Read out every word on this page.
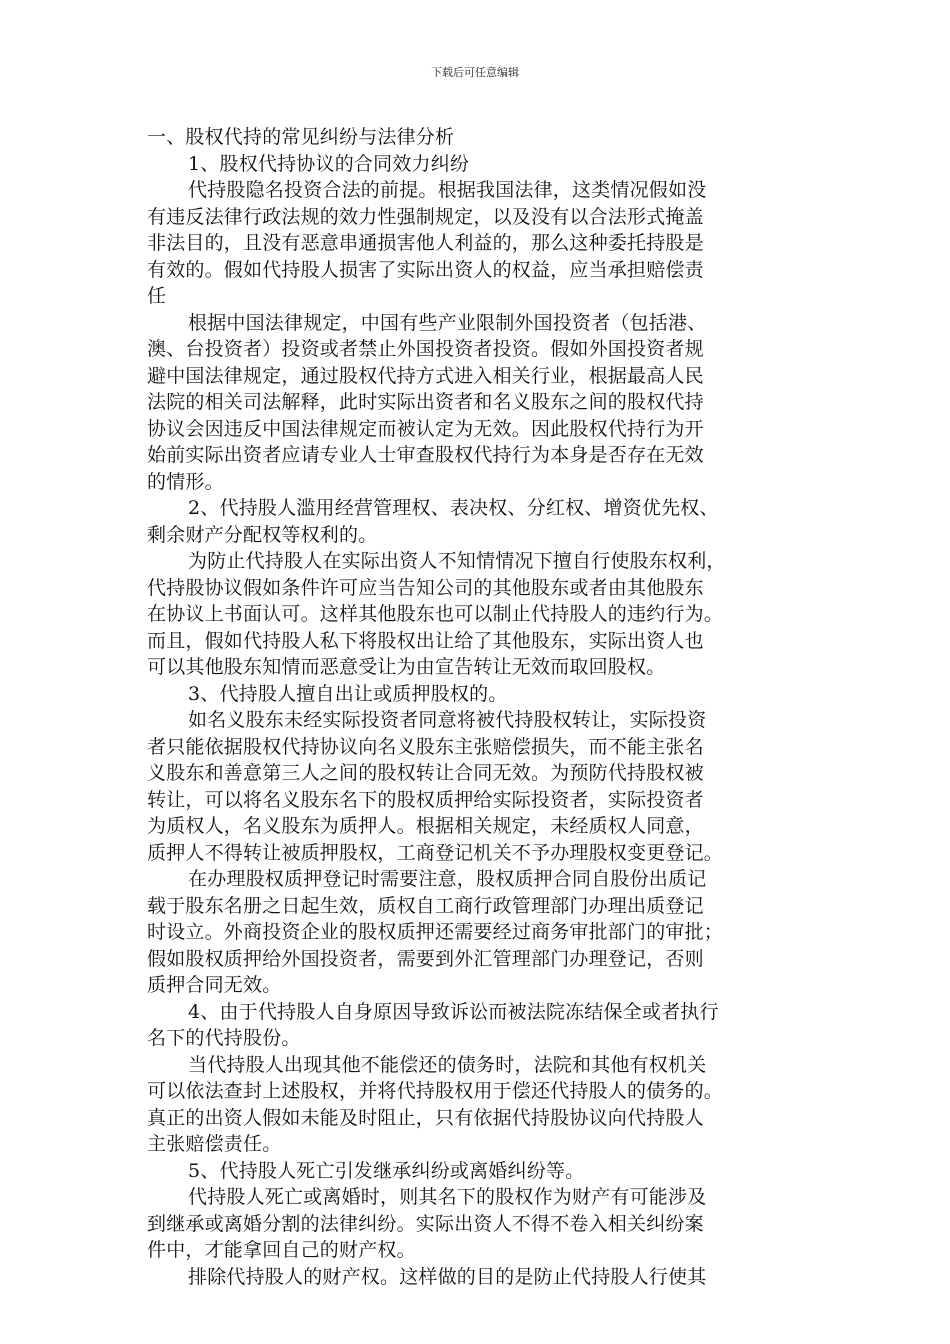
下载后可任意编辑
一、股权代持的常见纠纷与法律分析
1、股权代持协议的合同效力纠纷
代持股隐名投资合法的前提。根据我国法律，这类情况假如没
有违反法律行政法规的效力性强制规定，以及没有以合法形式掩盖
非法目的，且没有恶意串通损害他人利益的，那么这种委托持股是
有效的。假如代持股人损害了实际出资人的权益，应当承担赔偿责
任
根据中国法律规定，中国有些产业限制外国投资者（包括港、
澳、台投资者）投资或者禁止外国投资者投资。假如外国投资者规
避中国法律规定，通过股权代持方式进入相关行业，根据最高人民
法院的相关司法解释，此时实际出资者和名义股东之间的股权代持
协议会因违反中国法律规定而被认定为无效。因此股权代持行为开
始前实际出资者应请专业人士审查股权代持行为本身是否存在无效
的情形。
2、代持股人滥用经营管理权、表决权、分红权、增资优先权、
剩余财产分配权等权利的。
为防止代持股人在实际出资人不知情情况下擅自行使股东权利，
代持股协议假如条件许可应当告知公司的其他股东或者由其他股东
在协议上书面认可。这样其他股东也可以制止代持股人的违约行为。
而且，假如代持股人私下将股权出让给了其他股东，实际出资人也
可以其他股东知情而恶意受让为由宣告转让无效而取回股权。
3、代持股人擅自出让或质押股权的。
如名义股东未经实际投资者同意将被代持股权转让，实际投资
者只能依据股权代持协议向名义股东主张赔偿损失，而不能主张名
义股东和善意第三人之间的股权转让合同无效。为预防代持股权被
转让，可以将名义股东名下的股权质押给实际投资者，实际投资者
为质权人，名义股东为质押人。根据相关规定，未经质权人同意，
质押人不得转让被质押股权，工商登记机关不予办理股权变更登记。
在办理股权质押登记时需要注意，股权质押合同自股份出质记
载于股东名册之日起生效，质权自工商行政管理部门办理出质登记
时设立。外商投资企业的股权质押还需要经过商务审批部门的审批；
假如股权质押给外国投资者，需要到外汇管理部门办理登记，否则
质押合同无效。
4、由于代持股人自身原因导致诉讼而被法院冻结保全或者执行
名下的代持股份。
当代持股人出现其他不能偿还的债务时，法院和其他有权机关
可以依法查封上述股权，并将代持股权用于偿还代持股人的债务的。
真正的出资人假如未能及时阻止，只有依据代持股协议向代持股人
主张赔偿责任。
5、代持股人死亡引发继承纠纷或离婚纠纷等。
代持股人死亡或离婚时，则其名下的股权作为财产有可能涉及
到继承或离婚分割的法律纠纷。实际出资人不得不卷入相关纠纷案
件中，才能拿回自己的财产权。
排除代持股人的财产权。这样做的目的是防止代持股人行使其
